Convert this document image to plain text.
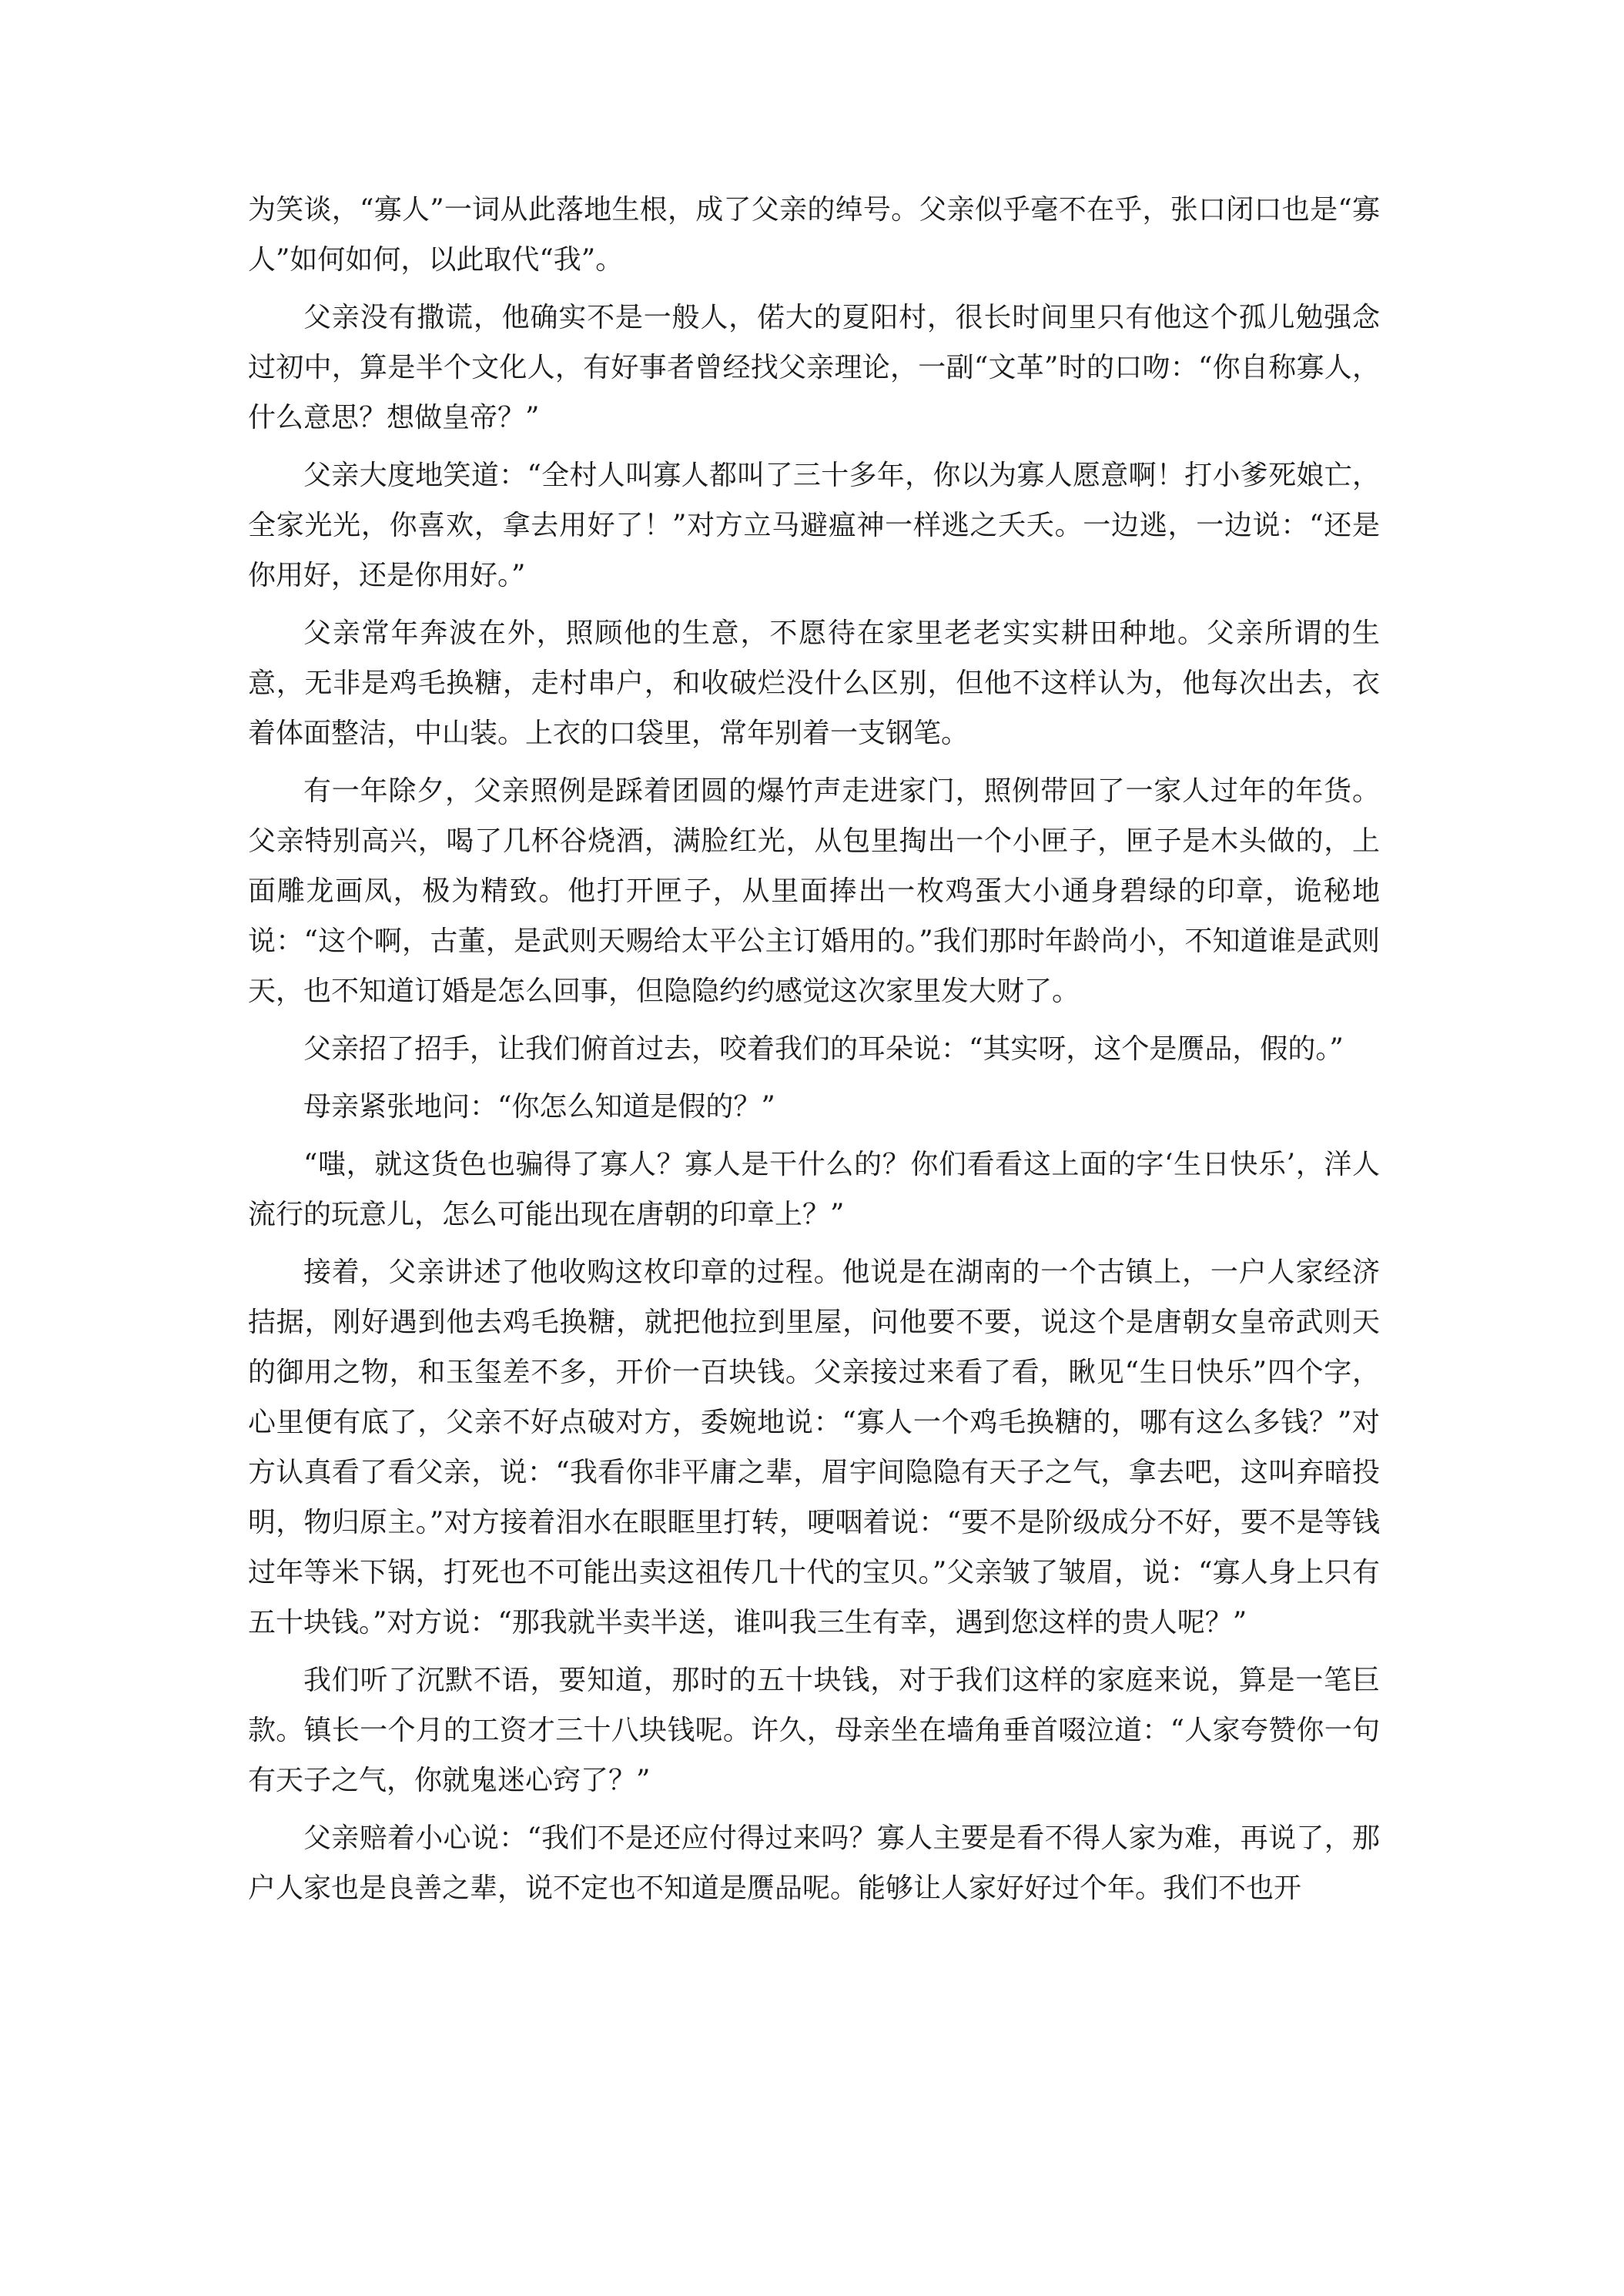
为笑谈，“寡人”一词从此落地生根，成了父亲的绰号。父亲似乎毫不在乎，张口闭口也是“寡人”如何如何，以此取代“我”。

父亲没有撒谎，他确实不是一般人，偌大的夏阳村，很长时间里只有他这个孤儿勉强念过初中，算是半个文化人，有好事者曾经找父亲理论，一副“文革”时的口吻：“你自称寡人，什么意思？想做皇帝？”

父亲大度地笑道：“全村人叫寡人都叫了三十多年，你以为寡人愿意啊！打小爹死娘亡，全家光光，你喜欢，拿去用好了！”对方立马避瘟神一样逃之夭夭。一边逃，一边说：“还是你用好，还是你用好。”

父亲常年奔波在外，照顾他的生意，不愿待在家里老老实实耕田种地。父亲所谓的生意，无非是鸡毛换糖，走村串户，和收破烂没什么区别，但他不这样认为，他每次出去，衣着体面整洁，中山装。上衣的口袋里，常年别着一支钢笔。

有一年除夕，父亲照例是踩着团圆的爆竹声走进家门，照例带回了一家人过年的年货。父亲特别高兴，喝了几杯谷烧酒，满脸红光，从包里掏出一个小匣子，匣子是木头做的，上面雕龙画凤，极为精致。他打开匣子，从里面捧出一枚鸡蛋大小通身碧绿的印章，诡秘地说：“这个啊，古董，是武则天赐给太平公主订婚用的。”我们那时年龄尚小，不知道谁是武则天，也不知道订婚是怎么回事，但隐隐约约感觉这次家里发大财了。

父亲招了招手，让我们俯首过去，咬着我们的耳朵说：“其实呀，这个是赝品，假的。”

母亲紧张地问：“你怎么知道是假的？”

“嗤，就这货色也骗得了寡人？寡人是干什么的？你们看看这上面的字‘生日快乐’，洋人流行的玩意儿，怎么可能出现在唐朝的印章上？”

接着，父亲讲述了他收购这枚印章的过程。他说是在湖南的一个古镇上，一户人家经济拮据，刚好遇到他去鸡毛换糖，就把他拉到里屋，问他要不要，说这个是唐朝女皇帝武则天的御用之物，和玉玺差不多，开价一百块钱。父亲接过来看了看，瞅见“生日快乐”四个字，心里便有底了，父亲不好点破对方，委婉地说：“寡人一个鸡毛换糖的，哪有这么多钱？”对方认真看了看父亲，说：“我看你非平庸之辈，眉宇间隐隐有天子之气，拿去吧，这叫弃暗投明，物归原主。”对方接着泪水在眼眶里打转，哽咽着说：“要不是阶级成分不好，要不是等钱过年等米下锅，打死也不可能出卖这祖传几十代的宝贝。”父亲皱了皱眉，说：“寡人身上只有五十块钱。”对方说：“那我就半卖半送，谁叫我三生有幸，遇到您这样的贵人呢？”

我们听了沉默不语，要知道，那时的五十块钱，对于我们这样的家庭来说，算是一笔巨款。镇长一个月的工资才三十八块钱呢。许久，母亲坐在墙角垂首啜泣道：“人家夸赞你一句有天子之气，你就鬼迷心窍了？”

父亲赔着小心说：“我们不是还应付得过来吗？寡人主要是看不得人家为难，再说了，那户人家也是良善之辈，说不定也不知道是赝品呢。能够让人家好好过个年。我们不也开
